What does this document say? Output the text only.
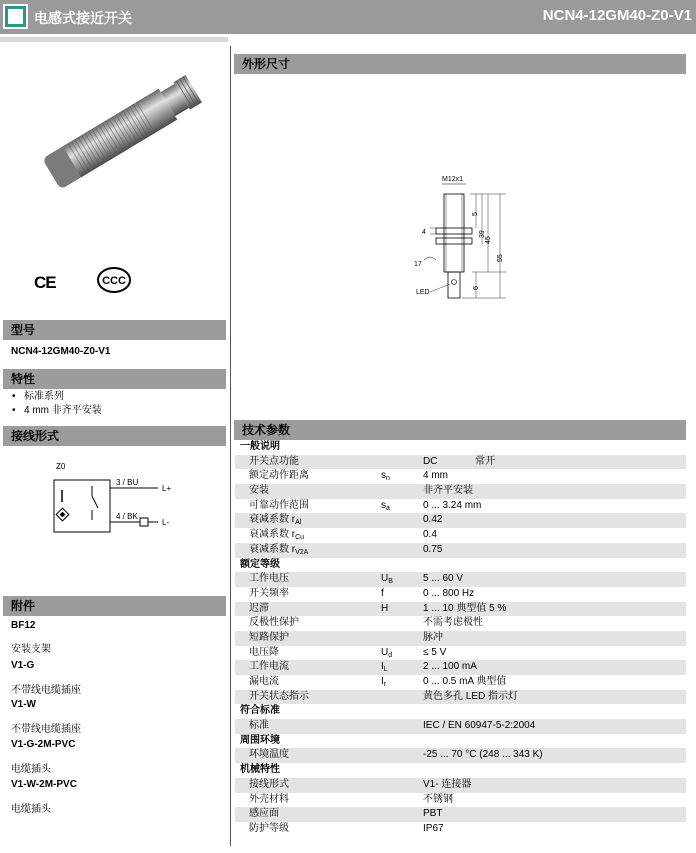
电感式接近开关	NCN4-12GM40-Z0-V1
CE	CCC
型号
NCN4-12GM40-Z0-V1
特性
• 标准系列
• 4 mm 非齐平安装
接线形式
Z0
3 / BU
4 / BK
L+
L-
附件
BF12
安装支架
V1-G
不带线电缆插座
V1-W
不带线电缆插座
V1-G-2M-PVC
电缆插头
V1-W-2M-PVC
电缆插头
外形尺寸
M12x1
5
39
45
55
6
4
17
LED
技术参数
一般说明
开关点功能	DC	常开
额定动作距离	$s_n$	4 mm
安装	非齐平安装
可靠动作范围	$s_a$	0 ... 3.24 mm
衰减系数 $r_{Al}$	0.42
衰减系数 $r_{Cu}$	0.4
衰减系数 $r_{V2A}$	0.75
额定等级
工作电压	$U_B$	5 ... 60 V
开关频率	f	0 ... 800 Hz
迟滞	H	1 ... 10 典型值 5 %
反极性保护	不需考虑极性
短路保护	脉冲
电压降	$U_d$	≤ 5 V
工作电流	$I_L$	2 ... 100 mA
漏电流	$I_r$	0 ... 0.5 mA 典型值
开关状态指示	黄色多孔 LED 指示灯
符合标准
标准	IEC / EN 60947-5-2:2004
周围环境
环境温度	-25 ... 70 °C (248 ... 343 K)
机械特性
接线形式	V1- 连接器
外壳材料	不锈钢
感应面	PBT
防护等级	IP67
